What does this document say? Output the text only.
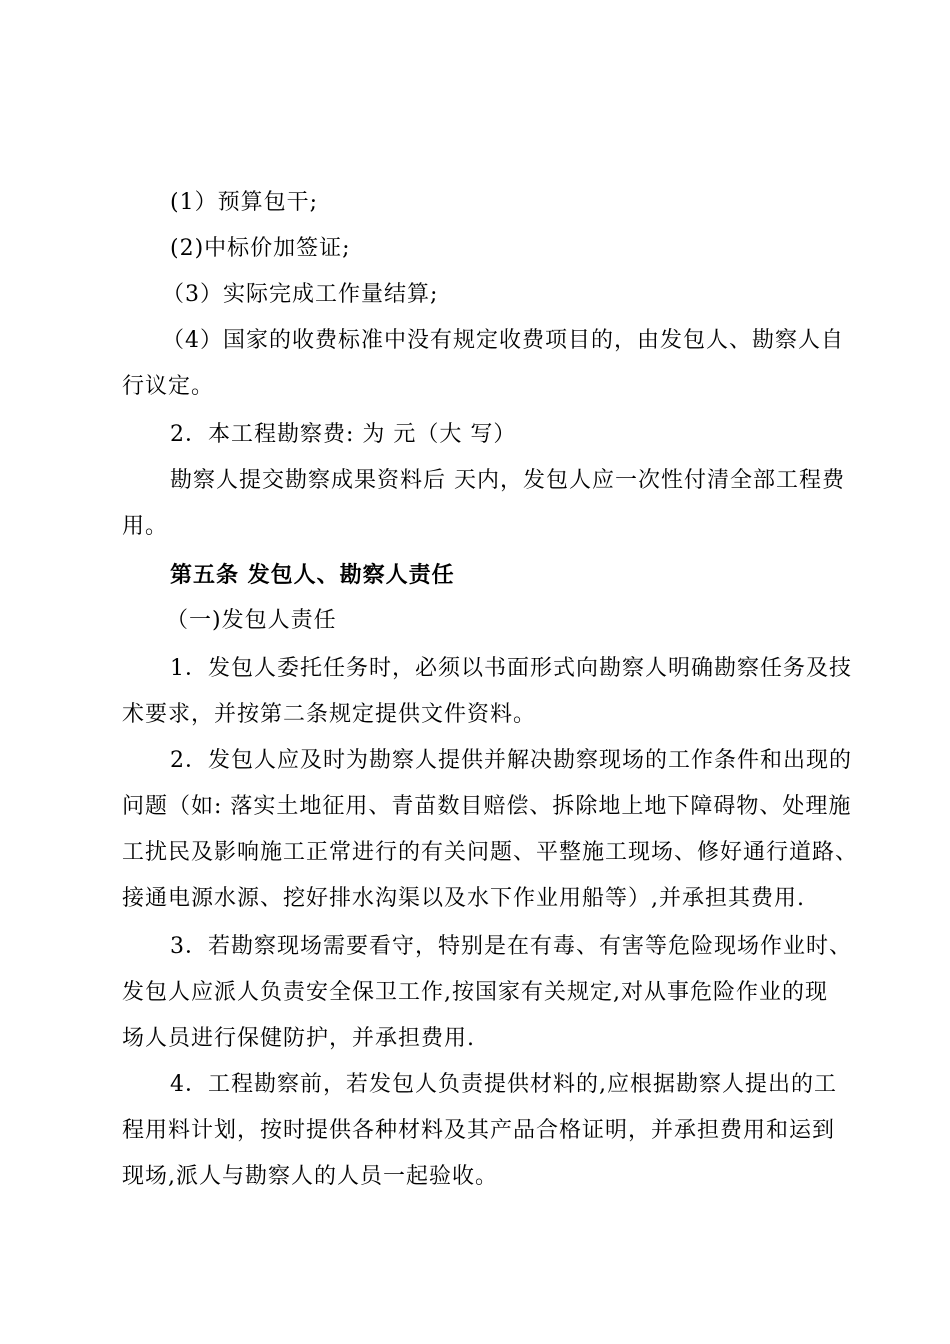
(1）预算包干;
(2)中标价加签证;
（3）实际完成工作量结算;
（4）国家的收费标准中没有规定收费项目的，由发包人、勘察人自
行议定。
2．本工程勘察费: 为 元（大 写）
勘察人提交勘察成果资料后 天内，发包人应一次性付清全部工程费
用。
第五条 发包人、勘察人责任
（一)发包人责任
1．发包人委托任务时，必须以书面形式向勘察人明确勘察任务及技
术要求，并按第二条规定提供文件资料。
2．发包人应及时为勘察人提供并解决勘察现场的工作条件和出现的
问题（如: 落实土地征用、青苗数目赔偿、拆除地上地下障碍物、处理施
工扰民及影响施工正常进行的有关问题、平整施工现场、修好通行道路、
接通电源水源、挖好排水沟渠以及水下作业用船等）,并承担其费用.
3．若勘察现场需要看守，特别是在有毒、有害等危险现场作业时、
发包人应派人负责安全保卫工作,按国家有关规定,对从事危险作业的现
场人员进行保健防护，并承担费用.
4．工程勘察前，若发包人负责提供材料的,应根据勘察人提出的工
程用料计划，按时提供各种材料及其产品合格证明，并承担费用和运到
现场,派人与勘察人的人员一起验收。
